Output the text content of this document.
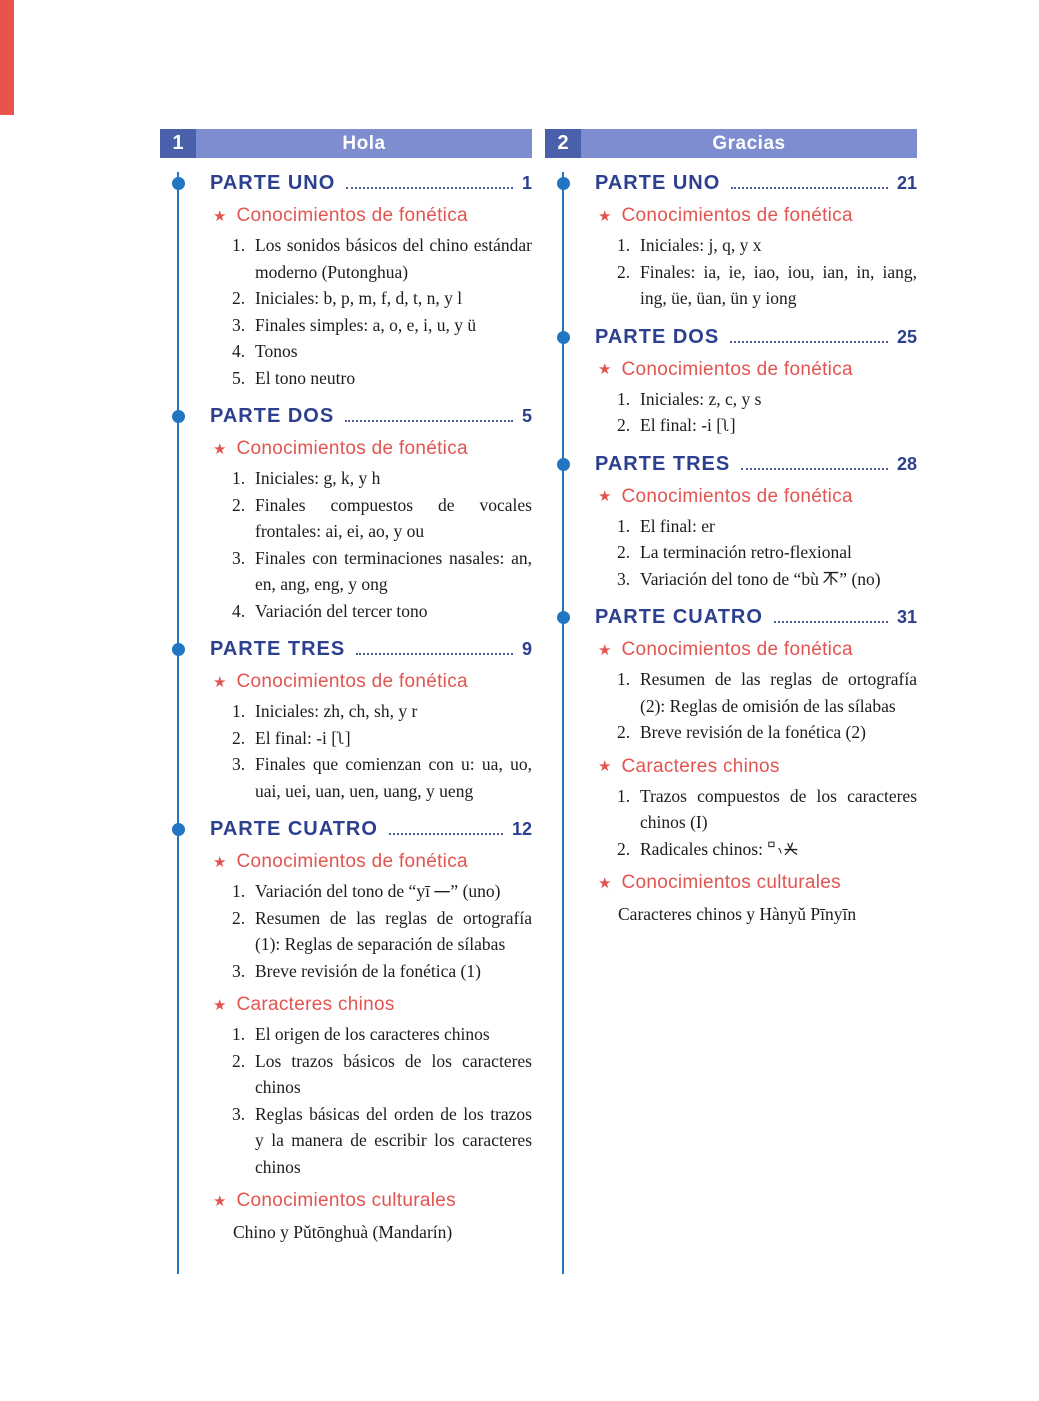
1	Hola
PARTE UNO	1
★ Conocimientos de fonética
1. Los sonidos básicos del chino estándar moderno (Putonghua)
2. Iniciales: b, p, m, f, d, t, n, y l
3. Finales simples: a, o, e, i, u, y ü
4. Tonos
5. El tono neutro
PARTE DOS	5
★ Conocimientos de fonética
1. Iniciales: g, k, y h
2. Finales compuestos de vocales frontales: ai, ei, ao, y ou
3. Finales con terminaciones nasales: an, en, ang, eng, y ong
4. Variación del tercer tono
PARTE TRES	9
★ Conocimientos de fonética
1. Iniciales: zh, ch, sh, y r
2. El final: -i [ʅ]
3. Finales que comienzan con u: ua, uo, uai, uei, uan, uen, uang, y ueng
PARTE CUATRO	12
★ Conocimientos de fonética
1. Variación del tono de “yī
” (uno)
2. Resumen de las reglas de ortografía (1): Reglas de separación de sílabas
3. Breve revisión de la fonética (1)
★ Caracteres chinos
1. El origen de los caracteres chinos
2. Los trazos básicos de los caracteres chinos
3. Reglas básicas del orden de los trazos y la manera de escribir los caracteres chinos
★ Conocimientos culturales
Chino y Pǔtōnghuà (Mandarín)
2	Gracias
PARTE UNO	21
★ Conocimientos de fonética
1. Iniciales: j, q, y x
2. Finales: ia, ie, iao, iou, ian, in, iang, ing, üe, üan, ün y iong
PARTE DOS	25
★ Conocimientos de fonética
1. Iniciales: z, c, y s
2. El final: -i [ʅ]
PARTE TRES	28
★ Conocimientos de fonética
1. El final: er
2. La terminación retro-flexional
3. Variación del tono de “bù
” (no)
PARTE CUATRO	31
★ Conocimientos de fonética
1. Resumen de las reglas de ortografía (2): Reglas de omisión de las sílabas
2. Breve revisión de la fonética (2)
★ Caracteres chinos
1. Trazos compuestos de los caracteres chinos (I)
2. Radicales chinos:
★ Conocimientos culturales
Caracteres chinos y Hànyǔ Pīnyīn
